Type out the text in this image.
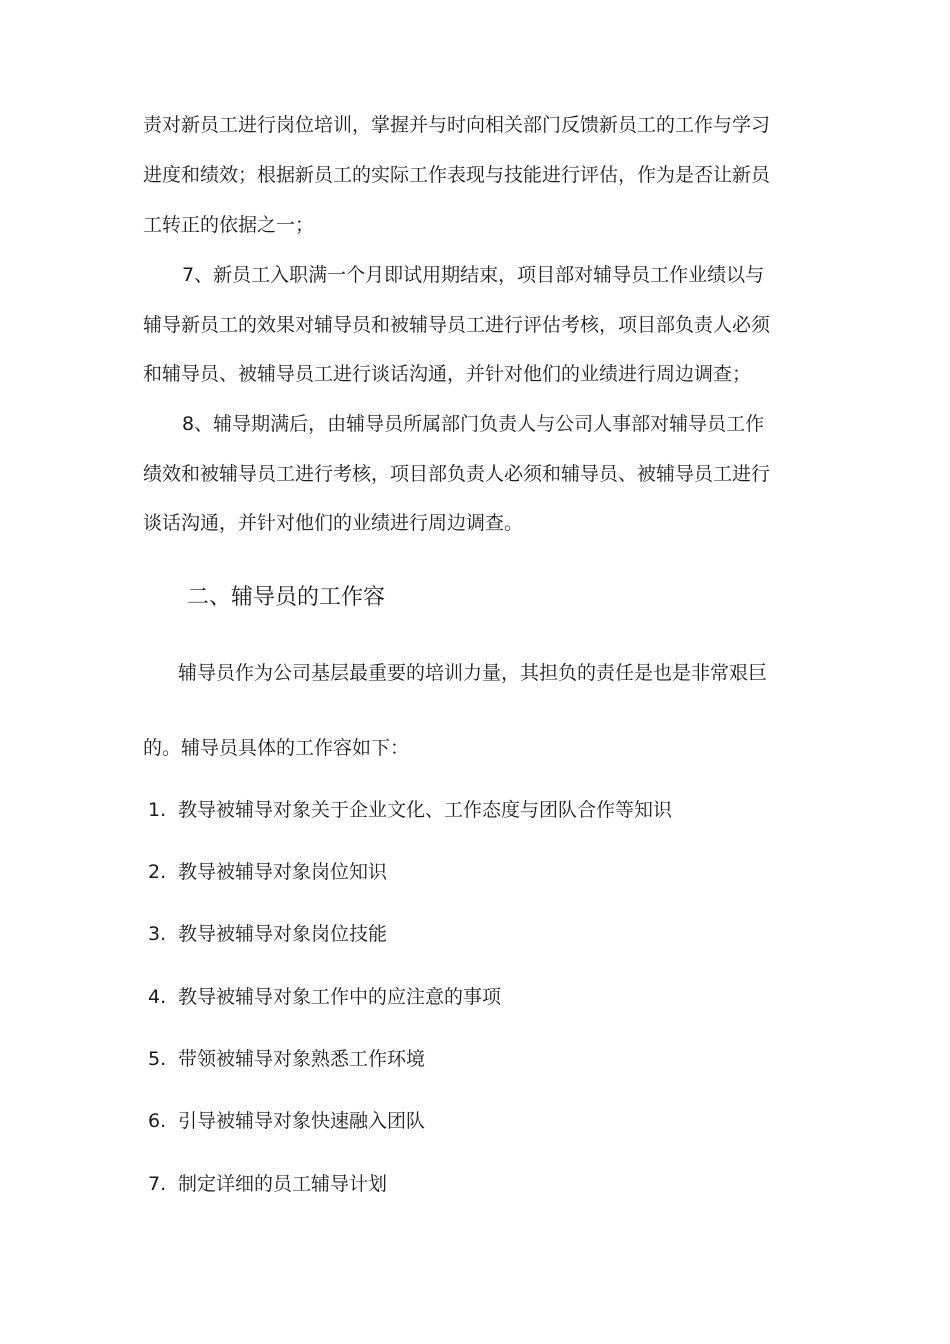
责对新员工进行岗位培训，掌握并与时向相关部门反馈新员工的工作与学习

进度和绩效；根据新员工的实际工作表现与技能进行评估，作为是否让新员

工转正的依据之一；

7、新员工入职满一个月即试用期结束，项目部对辅导员工作业绩以与

辅导新员工的效果对辅导员和被辅导员工进行评估考核，项目部负责人必须

和辅导员、被辅导员工进行谈话沟通，并针对他们的业绩进行周边调查；

8、辅导期满后，由辅导员所属部门负责人与公司人事部对辅导员工作

绩效和被辅导员工进行考核，项目部负责人必须和辅导员、被辅导员工进行

谈话沟通，并针对他们的业绩进行周边调查。

二、辅导员的工作容

辅导员作为公司基层最重要的培训力量，其担负的责任是也是非常艰巨

的。辅导员具体的工作容如下：

1. 教导被辅导对象关于企业文化、工作态度与团队合作等知识

2. 教导被辅导对象岗位知识

3. 教导被辅导对象岗位技能

4. 教导被辅导对象工作中的应注意的事项

5. 带领被辅导对象熟悉工作环境

6. 引导被辅导对象快速融入团队

7. 制定详细的员工辅导计划
